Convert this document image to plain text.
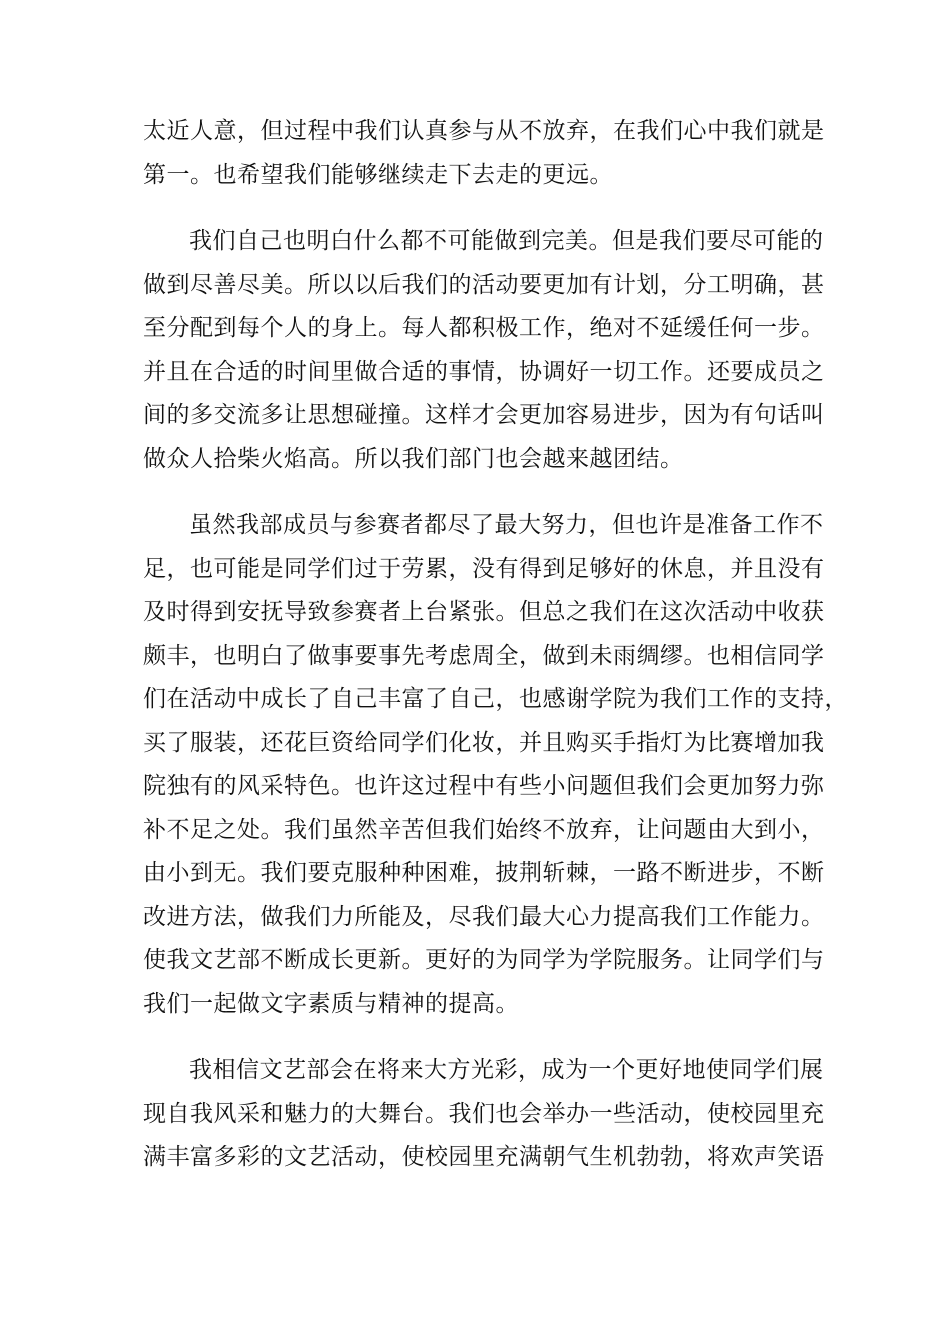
太近人意，但过程中我们认真参与从不放弃，在我们心中我们就是
第一。也希望我们能够继续走下去走的更远。

我们自己也明白什么都不可能做到完美。但是我们要尽可能的
做到尽善尽美。所以以后我们的活动要更加有计划，分工明确，甚
至分配到每个人的身上。每人都积极工作，绝对不延缓任何一步。
并且在合适的时间里做合适的事情，协调好一切工作。还要成员之
间的多交流多让思想碰撞。这样才会更加容易进步，因为有句话叫
做众人拾柴火焰高。所以我们部门也会越来越团结。

虽然我部成员与参赛者都尽了最大努力，但也许是准备工作不
足，也可能是同学们过于劳累，没有得到足够好的休息，并且没有
及时得到安抚导致参赛者上台紧张。但总之我们在这次活动中收获
颇丰，也明白了做事要事先考虑周全，做到未雨绸缪。也相信同学
们在活动中成长了自己丰富了自己，也感谢学院为我们工作的支持，
买了服装，还花巨资给同学们化妆，并且购买手指灯为比赛增加我
院独有的风采特色。也许这过程中有些小问题但我们会更加努力弥
补不足之处。我们虽然辛苦但我们始终不放弃，让问题由大到小，
由小到无。我们要克服种种困难，披荆斩棘，一路不断进步，不断
改进方法，做我们力所能及，尽我们最大心力提高我们工作能力。
使我文艺部不断成长更新。更好的为同学为学院服务。让同学们与
我们一起做文字素质与精神的提高。

我相信文艺部会在将来大方光彩，成为一个更好地使同学们展
现自我风采和魅力的大舞台。我们也会举办一些活动，使校园里充
满丰富多彩的文艺活动，使校园里充满朝气生机勃勃，将欢声笑语
